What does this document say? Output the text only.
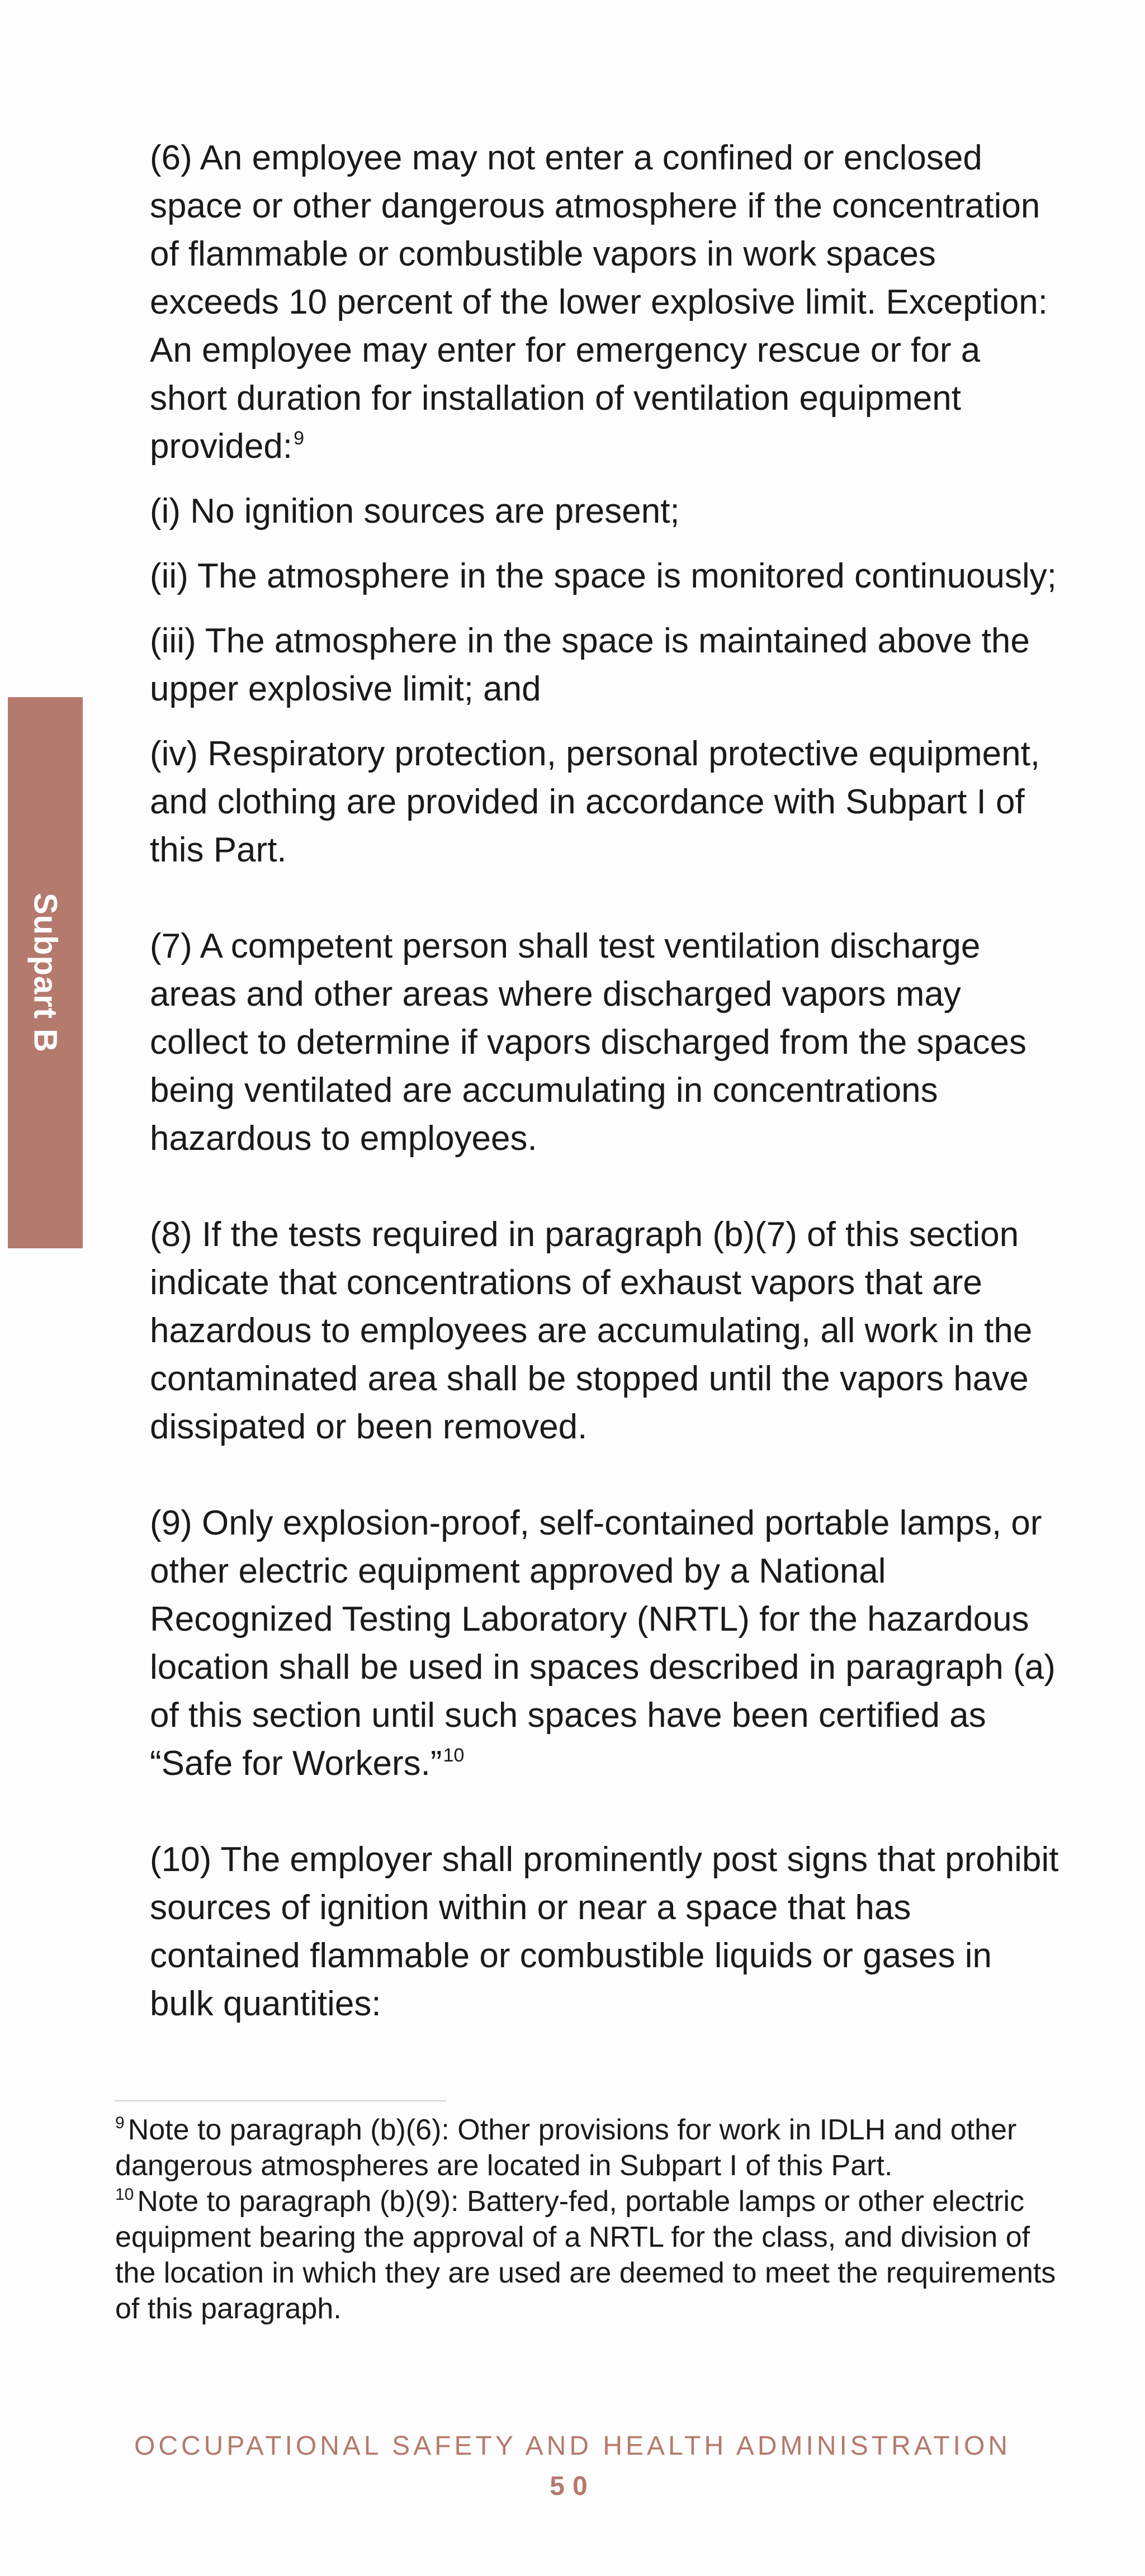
Subpart B

(6) An employee may not enter a confined or enclosed space or other dangerous atmosphere if the concentration of flammable or combustible vapors in work spaces exceeds 10 percent of the lower explosive limit. Exception: An employee may enter for emergency rescue or for a short duration for installation of ventilation equipment provided:$^9$

(i) No ignition sources are present;

(ii) The atmosphere in the space is monitored continuously;

(iii) The atmosphere in the space is maintained above the upper explosive limit; and

(iv) Respiratory protection, personal protective equipment, and clothing are provided in accordance with Subpart I of this Part.

(7) A competent person shall test ventilation discharge areas and other areas where discharged vapors may collect to determine if vapors discharged from the spaces being ventilated are accumulating in concentrations hazardous to employees.

(8) If the tests required in paragraph (b)(7) of this section indicate that concentrations of exhaust vapors that are hazardous to employees are accumulating, all work in the contaminated area shall be stopped until the vapors have dissipated or been removed.

(9) Only explosion-proof, self-contained portable lamps, or other electric equipment approved by a National Recognized Testing Laboratory (NRTL) for the hazardous location shall be used in spaces described in paragraph (a) of this section until such spaces have been certified as “Safe for Workers.”$^{10}$

(10) The employer shall prominently post signs that prohibit sources of ignition within or near a space that has contained flammable or combustible liquids or gases in bulk quantities:

$^9$ Note to paragraph (b)(6): Other provisions for work in IDLH and other dangerous atmospheres are located in Subpart I of this Part.

$^{10}$ Note to paragraph (b)(9): Battery-fed, portable lamps or other electric equipment bearing the approval of a NRTL for the class, and division of the location in which they are used are deemed to meet the requirements of this paragraph.

OCCUPATIONAL SAFETY AND HEALTH ADMINISTRATION
50
